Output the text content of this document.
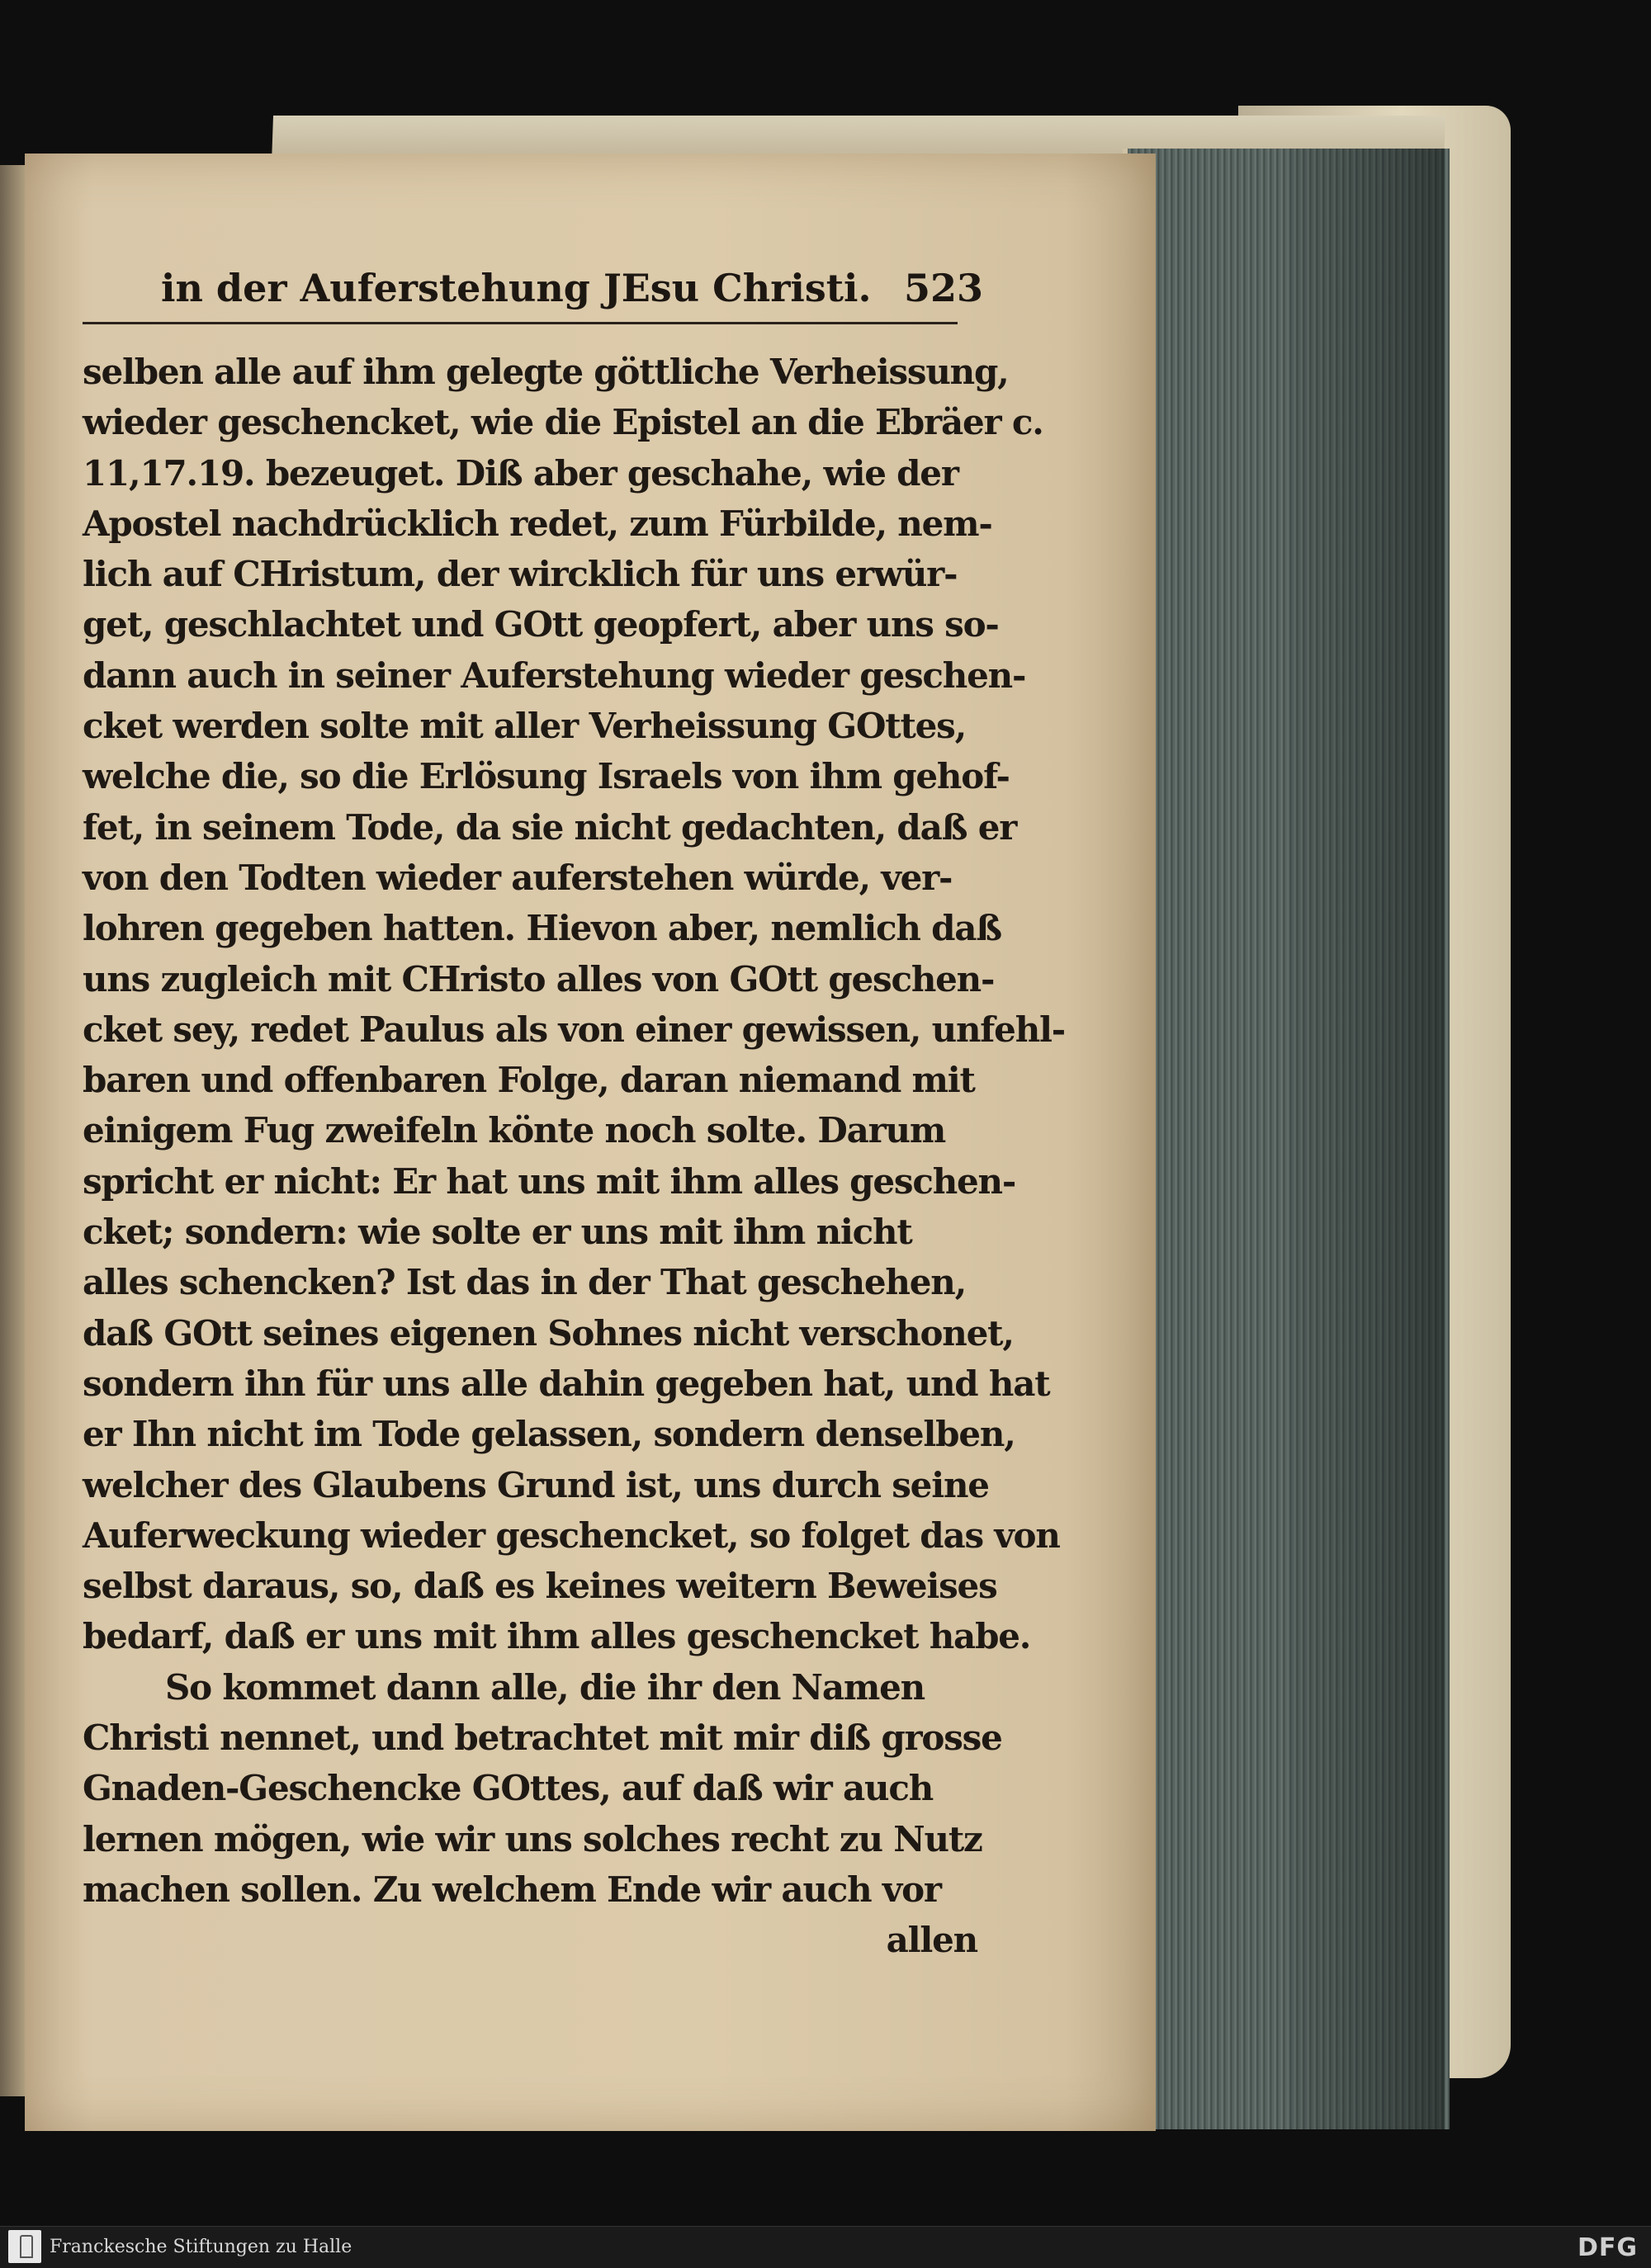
in der Auferstehung JEsu Christi. 523
selben alle auf ihm gelegte göttliche Verheissung,
wieder geschencket, wie die Epistel an die Ebräer c.
11,17.19. bezeuget. Diß aber geschahe, wie der
Apostel nachdrücklich redet, zum Fürbilde, nem-
lich auf CHristum, der wircklich für uns erwür-
get, geschlachtet und GOtt geopfert, aber uns so-
dann auch in seiner Auferstehung wieder geschen-
cket werden solte mit aller Verheissung GOttes,
welche die, so die Erlösung Israels von ihm gehof-
fet, in seinem Tode, da sie nicht gedachten, daß er
von den Todten wieder auferstehen würde, ver-
lohren gegeben hatten. Hievon aber, nemlich daß
uns zugleich mit CHristo alles von GOtt geschen-
cket sey, redet Paulus als von einer gewissen, unfehl-
baren und offenbaren Folge, daran niemand mit
einigem Fug zweifeln könte noch solte. Darum
spricht er nicht: Er hat uns mit ihm alles geschen-
cket; sondern: wie solte er uns mit ihm nicht
alles schencken? Ist das in der That geschehen,
daß GOtt seines eigenen Sohnes nicht verschonet,
sondern ihn für uns alle dahin gegeben hat, und hat
er Ihn nicht im Tode gelassen, sondern denselben,
welcher des Glaubens Grund ist, uns durch seine
Auferweckung wieder geschencket, so folget das von
selbst daraus, so, daß es keines weitern Beweises
bedarf, daß er uns mit ihm alles geschencket habe.
So kommet dann alle, die ihr den Namen
Christi nennet, und betrachtet mit mir diß grosse
Gnaden-Geschencke GOttes, auf daß wir auch
lernen mögen, wie wir uns solches recht zu Nutz
machen sollen. Zu welchem Ende wir auch vor
allen
Franckesche Stiftungen zu Halle	DFG
